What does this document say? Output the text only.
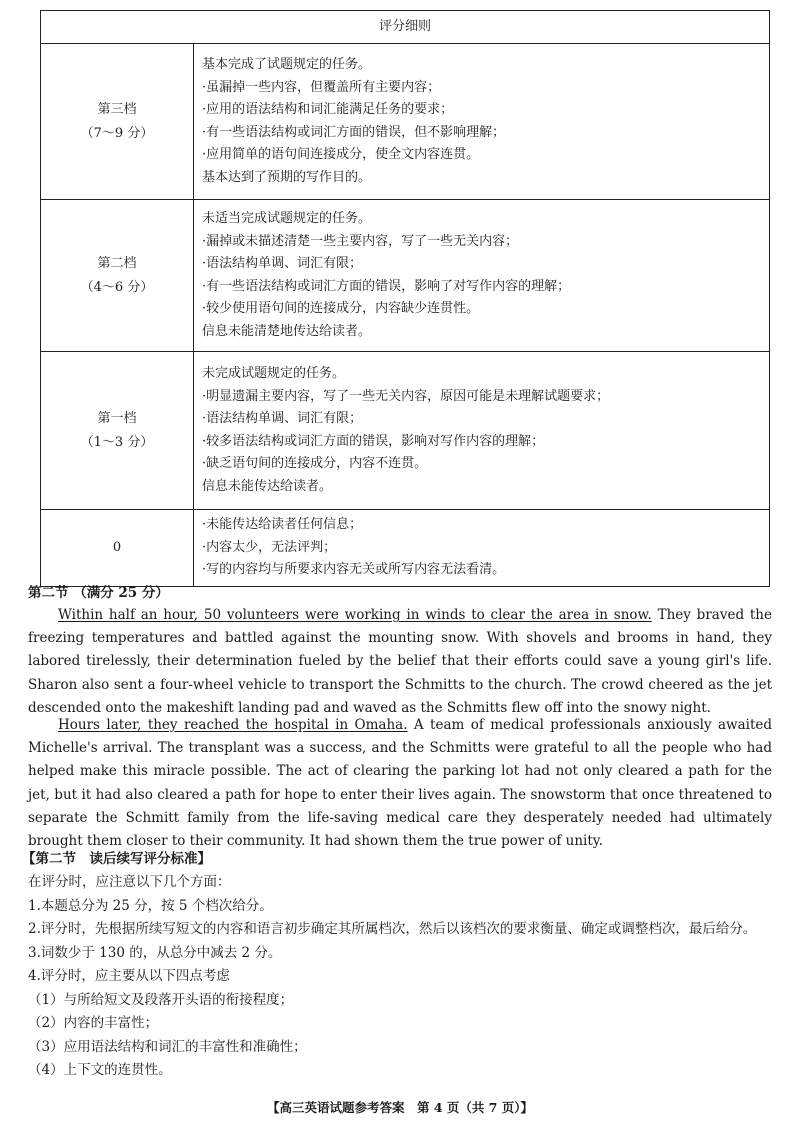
评分细则
第三档
（7～9 分）
基本完成了试题规定的任务。
·虽漏掉一些内容，但覆盖所有主要内容；
·应用的语法结构和词汇能满足任务的要求；
·有一些语法结构或词汇方面的错误，但不影响理解；
·应用简单的语句间连接成分，使全文内容连贯。
基本达到了预期的写作目的。
第二档
（4～6 分）
未适当完成试题规定的任务。
·漏掉或未描述清楚一些主要内容，写了一些无关内容；
·语法结构单调、词汇有限；
·有一些语法结构或词汇方面的错误，影响了对写作内容的理解；
·较少使用语句间的连接成分，内容缺少连贯性。
信息未能清楚地传达给读者。
第一档
（1～3 分）
未完成试题规定的任务。
·明显遗漏主要内容，写了一些无关内容，原因可能是未理解试题要求；
·语法结构单调、词汇有限；
·较多语法结构或词汇方面的错误，影响对写作内容的理解；
·缺乏语句间的连接成分，内容不连贯。
信息未能传达给读者。
0
·未能传达给读者任何信息；
·内容太少，无法评判；
·写的内容均与所要求内容无关或所写内容无法看清。
第二节 （满分 25 分）

Within half an hour, 50 volunteers were working in winds to clear the area in snow. They braved the freezing temperatures and battled against the mounting snow. With shovels and brooms in hand, they labored tirelessly, their determination fueled by the belief that their efforts could save a young girl's life. Sharon also sent a four-wheel vehicle to transport the Schmitts to the church. The crowd cheered as the jet descended onto the makeshift landing pad and waved as the Schmitts flew off into the snowy night.

Hours later, they reached the hospital in Omaha. A team of medical professionals anxiously awaited Michelle's arrival. The transplant was a success, and the Schmitts were grateful to all the people who had helped make this miracle possible. The act of clearing the parking lot had not only cleared a path for the jet, but it had also cleared a path for hope to enter their lives again. The snowstorm that once threatened to separate the Schmitt family from the life-saving medical care they desperately needed had ultimately brought them closer to their community. It had shown them the true power of unity.

【第二节　读后续写评分标准】
在评分时，应注意以下几个方面：
1.本题总分为 25 分，按 5 个档次给分。
2.评分时，先根据所续写短文的内容和语言初步确定其所属档次，然后以该档次的要求衡量、确定或调整档次，最后给分。
3.词数少于 130 的，从总分中减去 2 分。
4.评分时，应主要从以下四点考虑
（1）与所给短文及段落开头语的衔接程度；
（2）内容的丰富性；
（3）应用语法结构和词汇的丰富性和准确性；
（4）上下文的连贯性。
【高三英语试题参考答案　第 4 页（共 7 页）】
